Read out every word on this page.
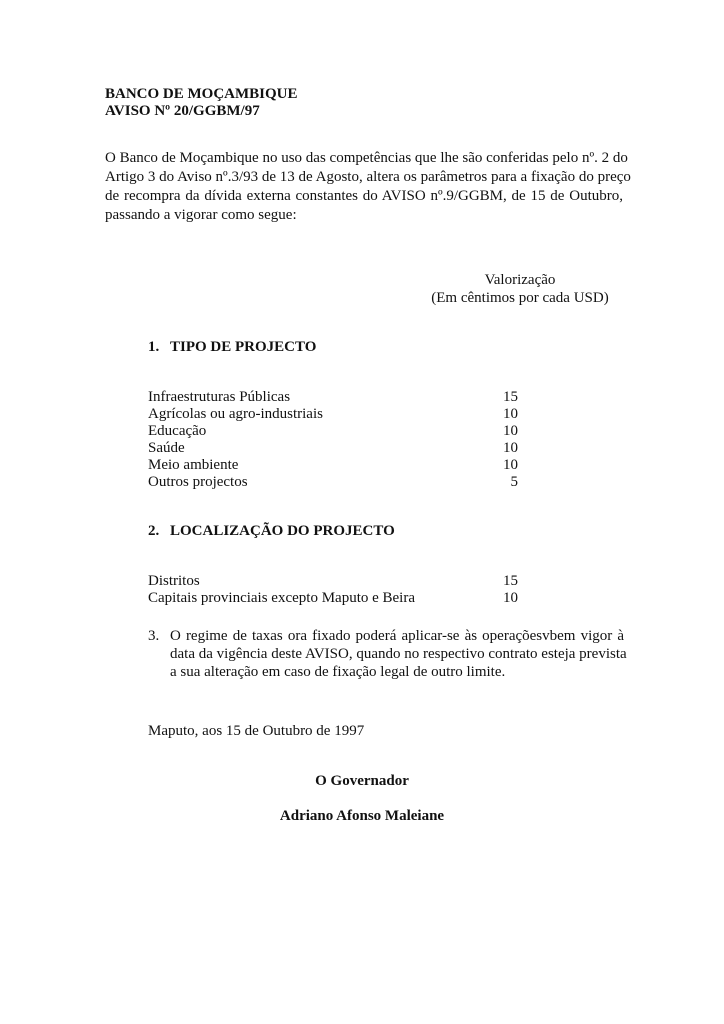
BANCO DE MOÇAMBIQUE
AVISO Nº 20/GGBM/97
O Banco de Moçambique no uso das competências que lhe são conferidas pelo nº. 2 do
Artigo 3 do Aviso nº.3/93 de 13 de Agosto, altera os parâmetros para a fixação do preço
de recompra da dívida externa constantes do AVISO nº.9/GGBM, de 15 de Outubro,
passando a vigorar como segue:
Valorização
(Em cêntimos por cada USD)
1. TIPO DE PROJECTO
Infraestruturas Públicas	15
Agrícolas ou agro-industriais	10
Educação	10
Saúde	10
Meio ambiente	10
Outros projectos	5
2. LOCALIZAÇÃO DO PROJECTO
Distritos	15
Capitais provinciais excepto Maputo e Beira	10
3. O regime de taxas ora fixado poderá aplicar-se às operaçõesvbem vigor à
data da vigência deste AVISO, quando no respectivo contrato esteja prevista
a sua alteração em caso de fixação legal de outro limite.
Maputo, aos 15 de Outubro de 1997
O Governador
Adriano Afonso Maleiane
